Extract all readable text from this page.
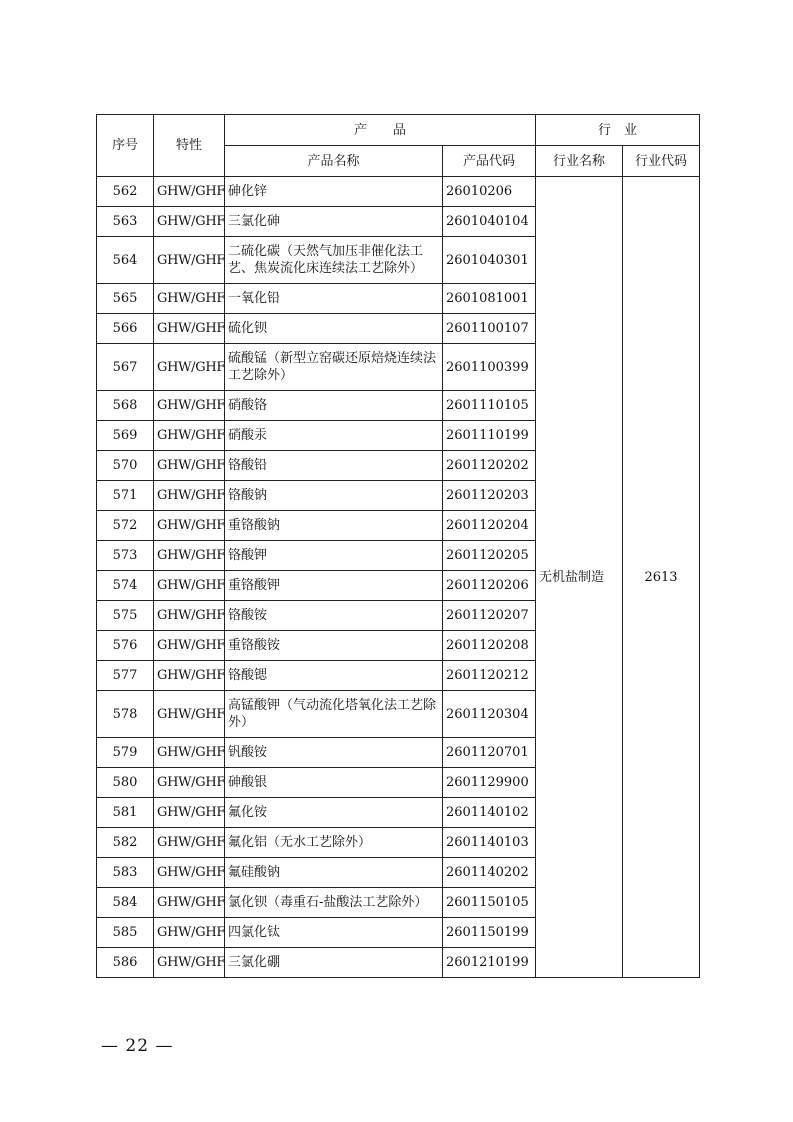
序号	特性	产　　品		行　业	
		产品名称	产品代码	行业名称	行业代码
562	GHW/GHF	砷化锌	26010206	无机盐制造	2613
563	GHW/GHF	三氯化砷	2601040104		
564	GHW/GHF	二硫化碳（天然气加压非催化法工艺、焦炭流化床连续法工艺除外）	2601040301		
565	GHW/GHF	一氧化铅	2601081001		
566	GHW/GHF	硫化钡	2601100107		
567	GHW/GHF	硫酸锰（新型立窑碳还原焙烧连续法工艺除外）	2601100399		
568	GHW/GHF	硝酸铬	2601110105		
569	GHW/GHF	硝酸汞	2601110199		
570	GHW/GHF	铬酸铅	2601120202		
571	GHW/GHF	铬酸钠	2601120203		
572	GHW/GHF	重铬酸钠	2601120204		
573	GHW/GHF	铬酸钾	2601120205		
574	GHW/GHF	重铬酸钾	2601120206		
575	GHW/GHF	铬酸铵	2601120207		
576	GHW/GHF	重铬酸铵	2601120208		
577	GHW/GHF	铬酸锶	2601120212		
578	GHW/GHF	高锰酸钾（气动流化塔氧化法工艺除外）	2601120304		
579	GHW/GHF	钒酸铵	2601120701		
580	GHW/GHF	砷酸银	2601129900		
581	GHW/GHF	氟化铵	2601140102		
582	GHW/GHF	氟化铝（无水工艺除外）	2601140103		
583	GHW/GHF	氟硅酸钠	2601140202		
584	GHW/GHF	氯化钡（毒重石-盐酸法工艺除外）	2601150105		
585	GHW/GHF	四氯化钛	2601150199		
586	GHW/GHF	三氯化硼	2601210199		
— 22 —
